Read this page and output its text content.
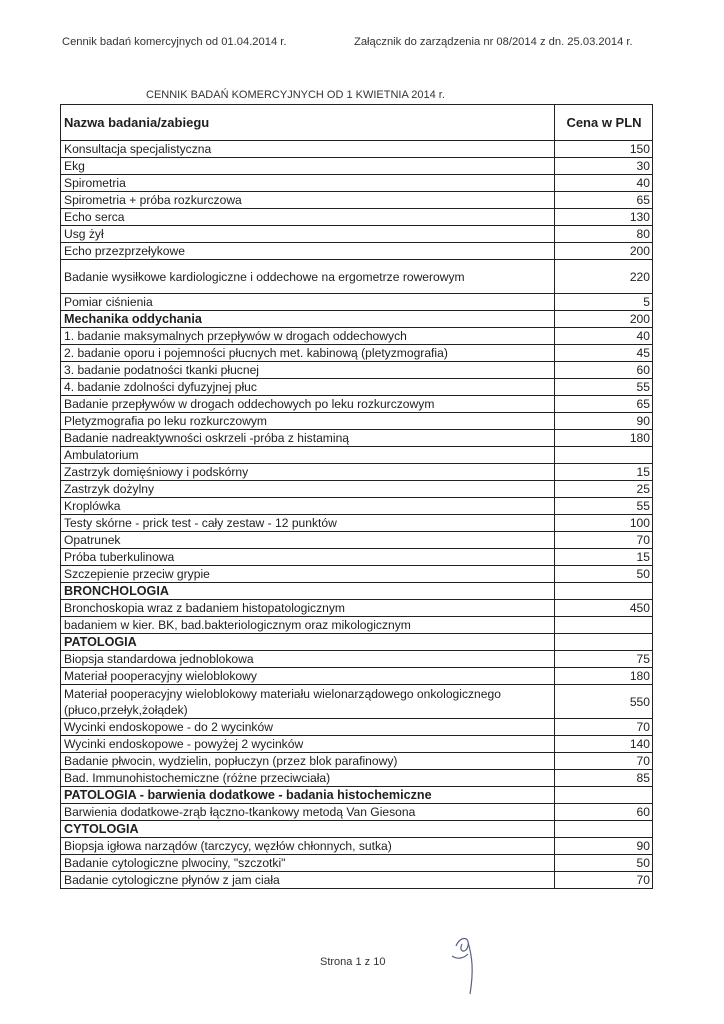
Cennik badań komercyjnych od 01.04.2014 r.	Załącznik do zarządzenia nr 08/2014 z dn. 25.03.2014 r.
CENNIK BADAŃ KOMERCYJNYCH OD 1 KWIETNIA 2014 r.
Nazwa badania/zabiegu	Cena w PLN
Konsultacja specjalistyczna	150
Ekg	30
Spirometria	40
Spirometria + próba rozkurczowa	65
Echo serca	130
Usg żył	80
Echo przezprzełykowe	200
Badanie wysiłkowe kardiologiczne i oddechowe na ergometrze rowerowym	220
Pomiar ciśnienia	5
Mechanika oddychania	200
1. badanie maksymalnych przepływów w drogach oddechowych	40
2. badanie oporu i pojemności płucnych met. kabinową (pletyzmografia)	45
3. badanie podatności tkanki płucnej	60
4. badanie zdolności dyfuzyjnej płuc	55
Badanie przepływów w drogach oddechowych po leku rozkurczowym	65
Pletyzmografia po leku rozkurczowym	90
Badanie nadreaktywności oskrzeli -próba z histaminą	180
Ambulatorium	
Zastrzyk domięśniowy i podskórny	15
Zastrzyk dożylny	25
Kroplówka	55
Testy skórne - prick test - cały zestaw - 12 punktów	100
Opatrunek	70
Próba tuberkulinowa	15
Szczepienie przeciw grypie	50
BRONCHOLOGIA	
Bronchoskopia wraz z badaniem histopatologicznym	450
badaniem w kier. BK, bad.bakteriologicznym oraz mikologicznym	
PATOLOGIA	
Biopsja standardowa jednoblokowa	75
Materiał pooperacyjny wieloblokowy	180
Materiał pooperacyjny wieloblokowy materiału wielonarządowego onkologicznego (płuco,przełyk,żołądek)	550
Wycinki endoskopowe - do 2 wycinków	70
Wycinki endoskopowe - powyżej 2 wycinków	140
Badanie płwocin, wydzielin, popłuczyn (przez blok parafinowy)	70
Bad. Immunohistochemiczne (różne przeciwciała)	85
PATOLOGIA - barwienia dodatkowe - badania histochemiczne	
Barwienia dodatkowe-zrąb łączno-tkankowy metodą Van Giesona	60
CYTOLOGIA	
Biopsja igłowa narządów (tarczycy, węzłów chłonnych, sutka)	90
Badanie cytologiczne plwociny, "szczotki"	50
Badanie cytologiczne płynów z jam ciała	70
Strona 1 z 10
